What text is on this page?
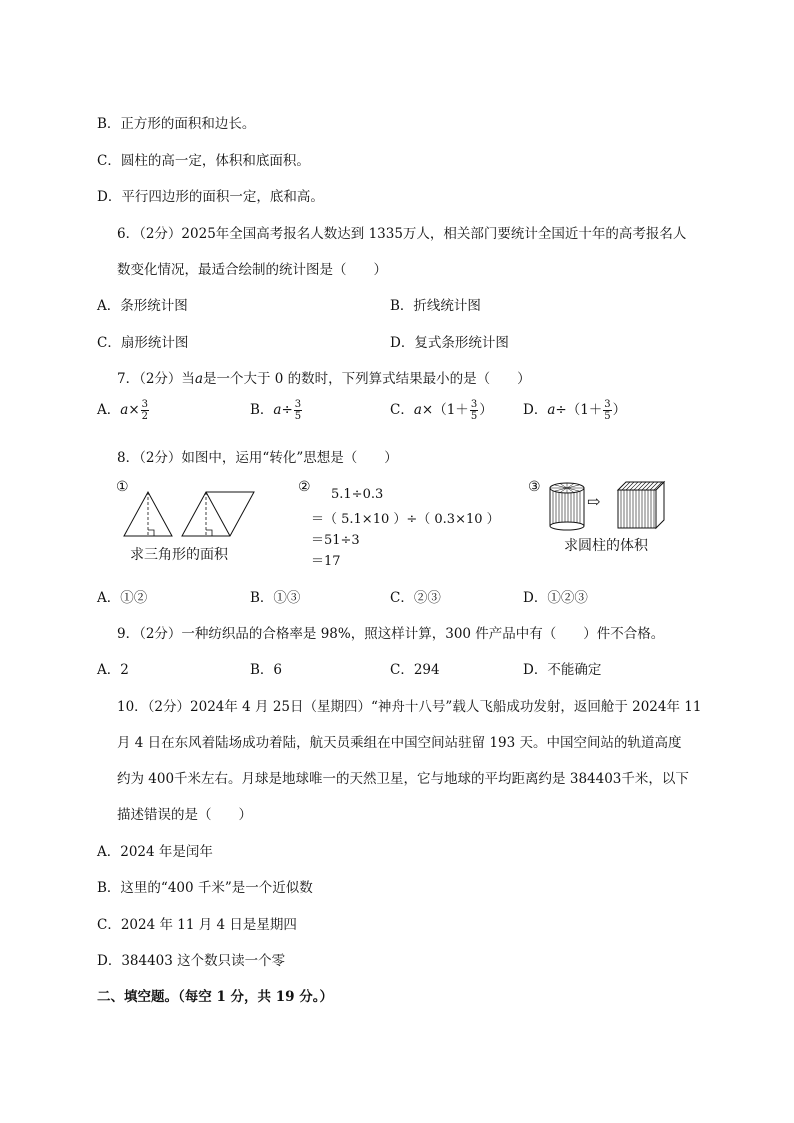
B．正方形的面积和边长。
C．圆柱的高一定，体积和底面积。
D．平行四边形的面积一定，底和高。
6．（2分）2025年全国高考报名人数达到 1335万人，相关部门要统计全国近十年的高考报名人
数变化情况，最适合绘制的统计图是（　　）
A．条形统计图	B．折线统计图
C．扇形统计图	D．复式条形统计图
7．（2分）当a是一个大于 0 的数时，下列算式结果最小的是（　　）
A．$a\times \frac{3}{2}$	B．$a\div \frac{3}{5}$	C．$a\times(1+ \frac{3}{5}$ ） D．$a\div(1+ \frac{3}{5}$ ）
8．（2分）如图中，运用“转化”思想是（　　）
①
求三角形的面积
② 5.1÷0.3
＝（ 5.1×10 ）÷（ 0.3×10 ）
＝51÷3
＝17
③
⇨
求圆柱的体积
A．①②	B．①③	C．②③	D．①②③
9．（2分）一种纺织品的合格率是 98%，照这样计算，300 件产品中有（　　）件不合格。
A．2	B．6	C．294	D．不能确定
10．（2分）2024年 4 月 25日（星期四）“神舟十八号”载人飞船成功发射，返回舱于 2024年 11
月 4 日在东风着陆场成功着陆，航天员乘组在中国空间站驻留 193 天。中国空间站的轨道高度
约为 400千米左右。月球是地球唯一的天然卫星，它与地球的平均距离约是 384403千米，以下
描述错误的是（　　）
A．2024 年是闰年
B．这里的“400 千米”是一个近似数
C．2024 年 11 月 4 日是星期四
D．384403 这个数只读一个零
二、填空题。（每空 1 分，共 19 分。）
